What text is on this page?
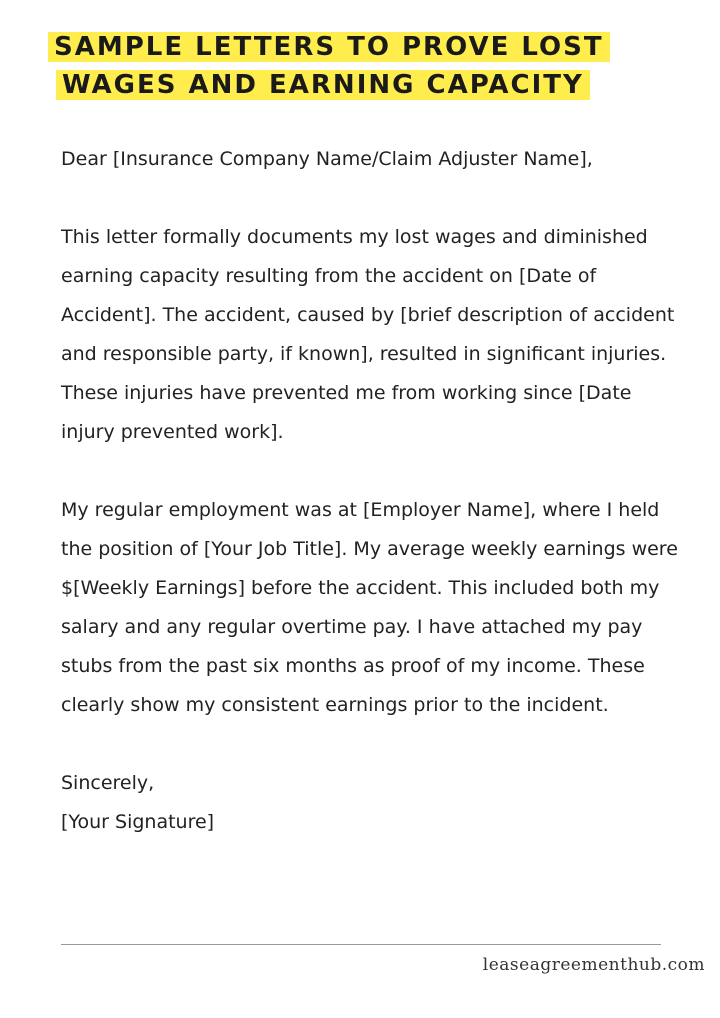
SAMPLE LETTERS TO PROVE LOST
WAGES AND EARNING CAPACITY

Dear [Insurance Company Name/Claim Adjuster Name],

This letter formally documents my lost wages and diminished earning capacity resulting from the accident on [Date of Accident]. The accident, caused by [brief description of accident and responsible party, if known], resulted in significant injuries. These injuries have prevented me from working since [Date injury prevented work].

My regular employment was at [Employer Name], where I held the position of [Your Job Title]. My average weekly earnings were $[Weekly Earnings] before the accident. This included both my salary and any regular overtime pay. I have attached my pay stubs from the past six months as proof of my income. These clearly show my consistent earnings prior to the incident.

Sincerely,

[Your Signature]

leaseagreementhub.com
